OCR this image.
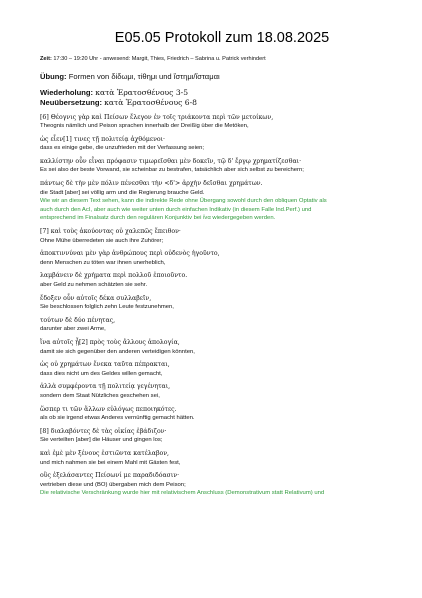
E05.05 Protokoll zum 18.08.2025

Zeit: 17:30 – 19:20 Uhr - anwesend: Margit, Thies, Friedrich – Sabrina u. Patrick verhindert

Übung: Formen von δίδωμι, τίθημι und ἵστημι/ἵσταμαι

Wiederholung: κατὰ Ἐρατοσθένους 3-5

Neuübersetzung: κατὰ Ἐρατοσθένους 6-8

[6] Θέογνις γὰρ καὶ Πείσων ἔλεγον ἐν τοῖς τριάκοντα περὶ τῶν μετοίκων,

Theognis nämlich und Peison sprachen innerhalb der Dreißig über die Metöken,

ὡς εἶεν[1] τινες τῇ πολιτείᾳ ἀχθόμενοι·

dass es einige gebe, die unzufrieden mit der Verfassung seien;

καλλίστην οὖν εἶναι πρόφασιν τιμωρεῖσθαι μὲν δοκεῖν, τῷ δ' ἔργῳ χρηματίζεσθαι·

Es sei also der beste Vorwand, sie scheinbar zu bestrafen, tatsächlich aber sich selbst zu bereichern;

πάντως δὲ τὴν μὲν πόλιν πένεσθαι τὴν <δ'> ἀρχὴν δεῖσθαι χρημάτων.

die Stadt [aber] sei völlig arm und die Regierung brauche Geld.

Wie wir an diesem Text sehen, kann die indirekte Rede ohne Übergang sowohl durch den obliquen Optativ als

auch durch den AcI, aber auch wie weiter unten durch einfachen Indikativ (in diesem Falle Ind.Perf.) und

entsprechend im Finalsatz durch den regulären Konjunktiv bei ἵνα wiedergegeben werden.

[7] καὶ τοὺς ἀκούοντας οὐ χαλεπῶς ἔπειθον·

Ohne Mühe überredeten sie auch ihre Zuhörer;

ἀποκτιννύναι μὲν γὰρ ἀνθρώπους περὶ οὐδενὸς ἡγοῦντο,

denn Menschen zu töten war ihnen unerheblich,

λαμβάνειν δὲ χρήματα περὶ πολλοῦ ἐποιοῦντο.

aber Geld zu nehmen schätzten sie sehr.

ἔδοξεν οὖν αὐτοῖς δέκα συλλαβεῖν,

Sie beschlossen folglich zehn Leute festzunehmen,

τούτων δὲ δύο πένητας,

darunter aber zwei Arme,

ἵνα αὐτοῖς ᾖ[2] πρὸς τοὺς ἄλλους ἀπολογία,

damit sie sich gegenüber den anderen verteidigen könnten,

ὡς οὐ χρημάτων ἕνεκα ταῦτα πέπρακται,

dass dies nicht um des Geldes willen gemacht,

ἀλλὰ συμφέροντα τῇ πολιτείᾳ γεγένηται,

sondern dem Staat Nützliches geschehen sei,

ὥσπερ τι τῶν ἄλλων εὐλόγως πεποιηκότες.

als ob sie irgend etwas Anderes vernünftig gemacht hätten.

[8] διαλαβόντες δὲ τὰς οἰκίας ἐβάδιζον·

Sie verteilten [aber] die Häuser und gingen los;

καὶ ἐμὲ μὲν ξένους ἑστιῶντα κατέλαβον,

und mich nahmen sie bei einem Mahl mit Gästen fest,

οὓς ἐξελάσαντες Πείσωνί με παραδιδόασιν·

vertrieben diese und (BO) übergaben mich dem Peison;

Die relativische Verschränkung wurde hier mit relativischem Anschluss (Demonstrativum statt Relativum) und
